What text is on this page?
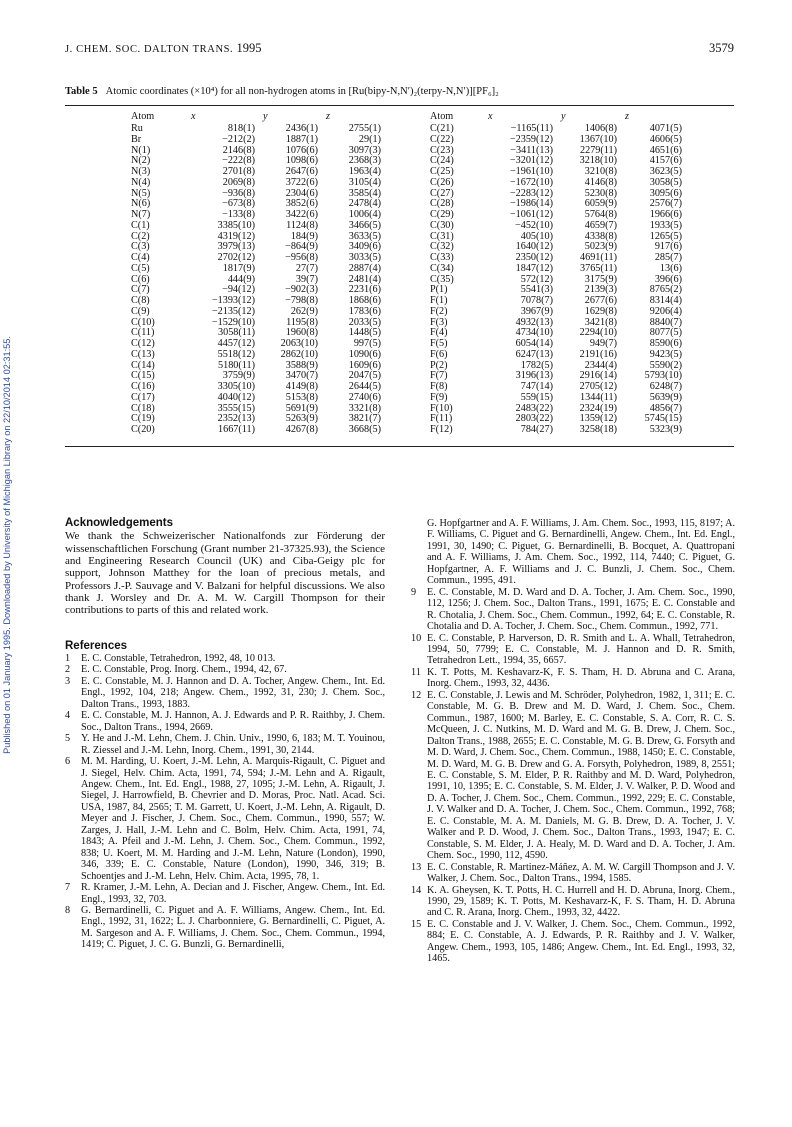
Published on 01 January 1995. Downloaded by University of Michigan Library on 22/10/2014 02:31:55.
J. CHEM. SOC. DALTON TRANS. 1995	3579
Table 5 Atomic coordinates (×10⁴) for all non-hydrogen atoms in [Ru(bipy-N,N′)₂(terpy-N,N′)][PF₆]₂
Atom	x	y	z
Ru	818(1)	2436(1)	2755(1)
Br	−212(2)	1887(1)	29(1)
N(1)	2146(8)	1076(6)	3097(3)
N(2)	−222(8)	1098(6)	2368(3)
N(3)	2701(8)	2647(6)	1963(4)
N(4)	2069(8)	3722(6)	3105(4)
N(5)	−936(8)	2304(6)	3585(4)
N(6)	−673(8)	3852(6)	2478(4)
N(7)	−133(8)	3422(6)	1006(4)
C(1)	3385(10)	1124(8)	3466(5)
C(2)	4319(12)	184(9)	3633(5)
C(3)	3979(13)	−864(9)	3409(6)
C(4)	2702(12)	−956(8)	3033(5)
C(5)	1817(9)	27(7)	2887(4)
C(6)	444(9)	39(7)	2481(4)
C(7)	−94(12)	−902(3)	2231(6)
C(8)	−1393(12)	−798(8)	1868(6)
C(9)	−2135(12)	262(9)	1783(6)
C(10)	−1529(10)	1195(8)	2033(5)
C(11)	3058(11)	1960(8)	1448(5)
C(12)	4457(12)	2063(10)	997(5)
C(13)	5518(12)	2862(10)	1090(6)
C(14)	5180(11)	3588(9)	1609(6)
C(15)	3759(9)	3470(7)	2047(5)
C(16)	3305(10)	4149(8)	2644(5)
C(17)	4040(12)	5153(8)	2740(6)
C(18)	3555(15)	5691(9)	3321(8)
C(19)	2352(13)	5263(9)	3821(7)
C(20)	1667(11)	4267(8)	3668(5)
Atom	x	y	z
C(21)	−1165(11)	1406(8)	4071(5)
C(22)	−2359(12)	1367(10)	4606(5)
C(23)	−3411(13)	2279(11)	4651(6)
C(24)	−3201(12)	3218(10)	4157(6)
C(25)	−1961(10)	3210(8)	3623(5)
C(26)	−1672(10)	4146(8)	3058(5)
C(27)	−2283(12)	5230(8)	3095(6)
C(28)	−1986(14)	6059(9)	2576(7)
C(29)	−1061(12)	5764(8)	1966(6)
C(30)	−452(10)	4659(7)	1933(5)
C(31)	405(10)	4338(8)	1265(5)
C(32)	1640(12)	5023(9)	917(6)
C(33)	2350(12)	4691(11)	285(7)
C(34)	1847(12)	3765(11)	13(6)
C(35)	572(12)	3175(9)	396(6)
P(1)	5541(3)	2139(3)	8765(2)
F(1)	7078(7)	2677(6)	8314(4)
F(2)	3967(9)	1629(8)	9206(4)
F(3)	4932(13)	3421(8)	8840(7)
F(4)	4734(10)	2294(10)	8077(5)
F(5)	6054(14)	949(7)	8590(6)
F(6)	6247(13)	2191(16)	9423(5)
P(2)	1782(5)	2344(4)	5590(2)
F(7)	3196(13)	2916(14)	5793(10)
F(8)	747(14)	2705(12)	6248(7)
F(9)	559(15)	1344(11)	5639(9)
F(10)	2483(22)	2324(19)	4856(7)
F(11)	2803(22)	1359(12)	5745(15)
F(12)	784(27)	3258(18)	5323(9)
Acknowledgements

We thank the Schweizerischer Nationalfonds zur Förderung der wissenschaftlichen Forschung (Grant number 21-37325.93), the Science and Engineering Research Council (UK) and Ciba-Geigy plc for support, Johnson Matthey for the loan of precious metals, and Professors J.-P. Sauvage and V. Balzani for helpful discussions. We also thank J. Worsley and Dr. A. M. W. Cargill Thompson for their contributions to parts of this and related work.

References
1 E. C. Constable, Tetrahedron, 1992, 48, 10 013.
2 E. C. Constable, Prog. Inorg. Chem., 1994, 42, 67.
3 E. C. Constable, M. J. Hannon and D. A. Tocher, Angew. Chem., Int. Ed. Engl., 1992, 104, 218; Angew. Chem., 1992, 31, 230; J. Chem. Soc., Dalton Trans., 1993, 1883.
4 E. C. Constable, M. J. Hannon, A. J. Edwards and P. R. Raithby, J. Chem. Soc., Dalton Trans., 1994, 2669.
5 Y. He and J.-M. Lehn, Chem. J. Chin. Univ., 1990, 6, 183; M. T. Youinou, R. Ziessel and J.-M. Lehn, Inorg. Chem., 1991, 30, 2144.
6 M. M. Harding, U. Koert, J.-M. Lehn, A. Marquis-Rigault, C. Piguet and J. Siegel, Helv. Chim. Acta, 1991, 74, 594; J.-M. Lehn and A. Rigault, Angew. Chem., Int. Ed. Engl., 1988, 27, 1095; J.-M. Lehn, A. Rigault, J. Siegel, J. Harrowfield, B. Chevrier and D. Moras, Proc. Natl. Acad. Sci. USA, 1987, 84, 2565; T. M. Garrett, U. Koert, J.-M. Lehn, A. Rigault, D. Meyer and J. Fischer, J. Chem. Soc., Chem. Commun., 1990, 557; W. Zarges, J. Hall, J.-M. Lehn and C. Bolm, Helv. Chim. Acta, 1991, 74, 1843; A. Pfeil and J.-M. Lehn, J. Chem. Soc., Chem. Commun., 1992, 838; U. Koert, M. M. Harding and J.-M. Lehn, Nature (London), 1990, 346, 339; E. C. Constable, Nature (London), 1990, 346, 319; B. Schoentjes and J.-M. Lehn, Helv. Chim. Acta, 1995, 78, 1.
7 R. Kramer, J.-M. Lehn, A. Decian and J. Fischer, Angew. Chem., Int. Ed. Engl., 1993, 32, 703.
8 G. Bernardinelli, C. Piguet and A. F. Williams, Angew. Chem., Int. Ed. Engl., 1992, 31, 1622; L. J. Charbonniere, G. Bernardinelli, C. Piguet, A. M. Sargeson and A. F. Williams, J. Chem. Soc., Chem. Commun., 1994, 1419; C. Piguet, J. C. G. Bunzli, G. Bernardinelli,
G. Hopfgartner and A. F. Williams, J. Am. Chem. Soc., 1993, 115, 8197; A. F. Williams, C. Piguet and G. Bernardinelli, Angew. Chem., Int. Ed. Engl., 1991, 30, 1490; C. Piguet, G. Bernardinelli, B. Bocquet, A. Quattropani and A. F. Williams, J. Am. Chem. Soc., 1992, 114, 7440; C. Piguet, G. Hopfgartner, A. F. Williams and J. C. Bunzli, J. Chem. Soc., Chem. Commun., 1995, 491.
9 E. C. Constable, M. D. Ward and D. A. Tocher, J. Am. Chem. Soc., 1990, 112, 1256; J. Chem. Soc., Dalton Trans., 1991, 1675; E. C. Constable and R. Chotalia, J. Chem. Soc., Chem. Commun., 1992, 64; E. C. Constable, R. Chotalia and D. A. Tocher, J. Chem. Soc., Chem. Commun., 1992, 771.
10 E. C. Constable, P. Harverson, D. R. Smith and L. A. Whall, Tetrahedron, 1994, 50, 7799; E. C. Constable, M. J. Hannon and D. R. Smith, Tetrahedron Lett., 1994, 35, 6657.
11 K. T. Potts, M. Keshavarz-K, F. S. Tham, H. D. Abruna and C. Arana, Inorg. Chem., 1993, 32, 4436.
12 E. C. Constable, J. Lewis and M. Schröder, Polyhedron, 1982, 1, 311; E. C. Constable, M. G. B. Drew and M. D. Ward, J. Chem. Soc., Chem. Commun., 1987, 1600; M. Barley, E. C. Constable, S. A. Corr, R. C. S. McQueen, J. C. Nutkins, M. D. Ward and M. G. B. Drew, J. Chem. Soc., Dalton Trans., 1988, 2655; E. C. Constable, M. G. B. Drew, G. Forsyth and M. D. Ward, J. Chem. Soc., Chem. Commun., 1988, 1450; E. C. Constable, M. D. Ward, M. G. B. Drew and G. A. Forsyth, Polyhedron, 1989, 8, 2551; E. C. Constable, S. M. Elder, P. R. Raithby and M. D. Ward, Polyhedron, 1991, 10, 1395; E. C. Constable, S. M. Elder, J. V. Walker, P. D. Wood and D. A. Tocher, J. Chem. Soc., Chem. Commun., 1992, 229; E. C. Constable, J. V. Walker and D. A. Tocher, J. Chem. Soc., Chem. Commun., 1992, 768; E. C. Constable, M. A. M. Daniels, M. G. B. Drew, D. A. Tocher, J. V. Walker and P. D. Wood, J. Chem. Soc., Dalton Trans., 1993, 1947; E. C. Constable, S. M. Elder, J. A. Healy, M. D. Ward and D. A. Tocher, J. Am. Chem. Soc., 1990, 112, 4590.
13 E. C. Constable, R. Martinez-Máñez, A. M. W. Cargill Thompson and J. V. Walker, J. Chem. Soc., Dalton Trans., 1994, 1585.
14 K. A. Gheysen, K. T. Potts, H. C. Hurrell and H. D. Abruna, Inorg. Chem., 1990, 29, 1589; K. T. Potts, M. Keshavarz-K, F. S. Tham, H. D. Abruna and C. R. Arana, Inorg. Chem., 1993, 32, 4422.
15 E. C. Constable and J. V. Walker, J. Chem. Soc., Chem. Commun., 1992, 884; E. C. Constable, A. J. Edwards, P. R. Raithby and J. V. Walker, Angew. Chem., 1993, 105, 1486; Angew. Chem., Int. Ed. Engl., 1993, 32, 1465.
